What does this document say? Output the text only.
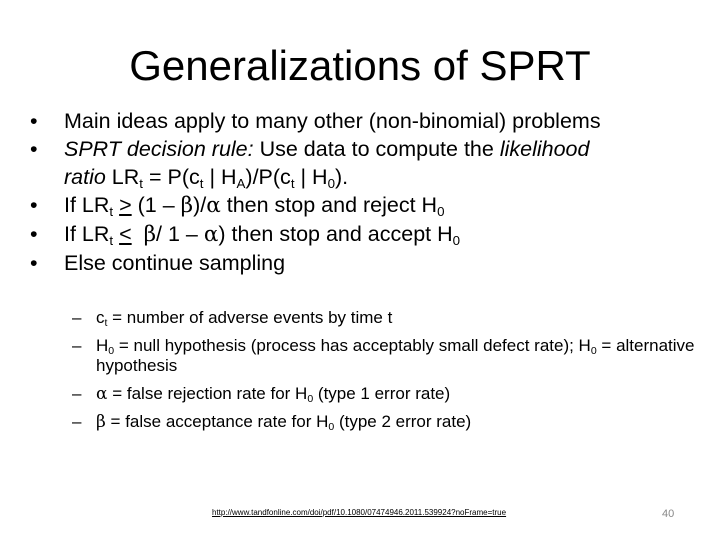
Generalizations of SPRT
• Main ideas apply to many other (non-binomial) problems
• SPRT decision rule: Use data to compute the likelihood
ratio $LR_t = P(c_t$ | $H_A)/P(c_t$ | $H_0$).
• If $LR_t > (1 - \beta)/\alpha$ then stop and reject $H_0$
• If $LR_t < \beta/$ 1 – α) then stop and accept $H_0$
• Else continue sampling
– $c_t$ = number of adverse events by time t
– $H_0$ = null hypothesis (process has acceptably small defect rate); $H_0$ = alternative hypothesis
– α = false rejection rate for $H_0$ (type 1 error rate)
– β = false acceptance rate for $H_0$ (type 2 error rate)
http://www.tandfonline.com/doi/pdf/10.1080/07474946.2011.539924?noFrame=true	40
